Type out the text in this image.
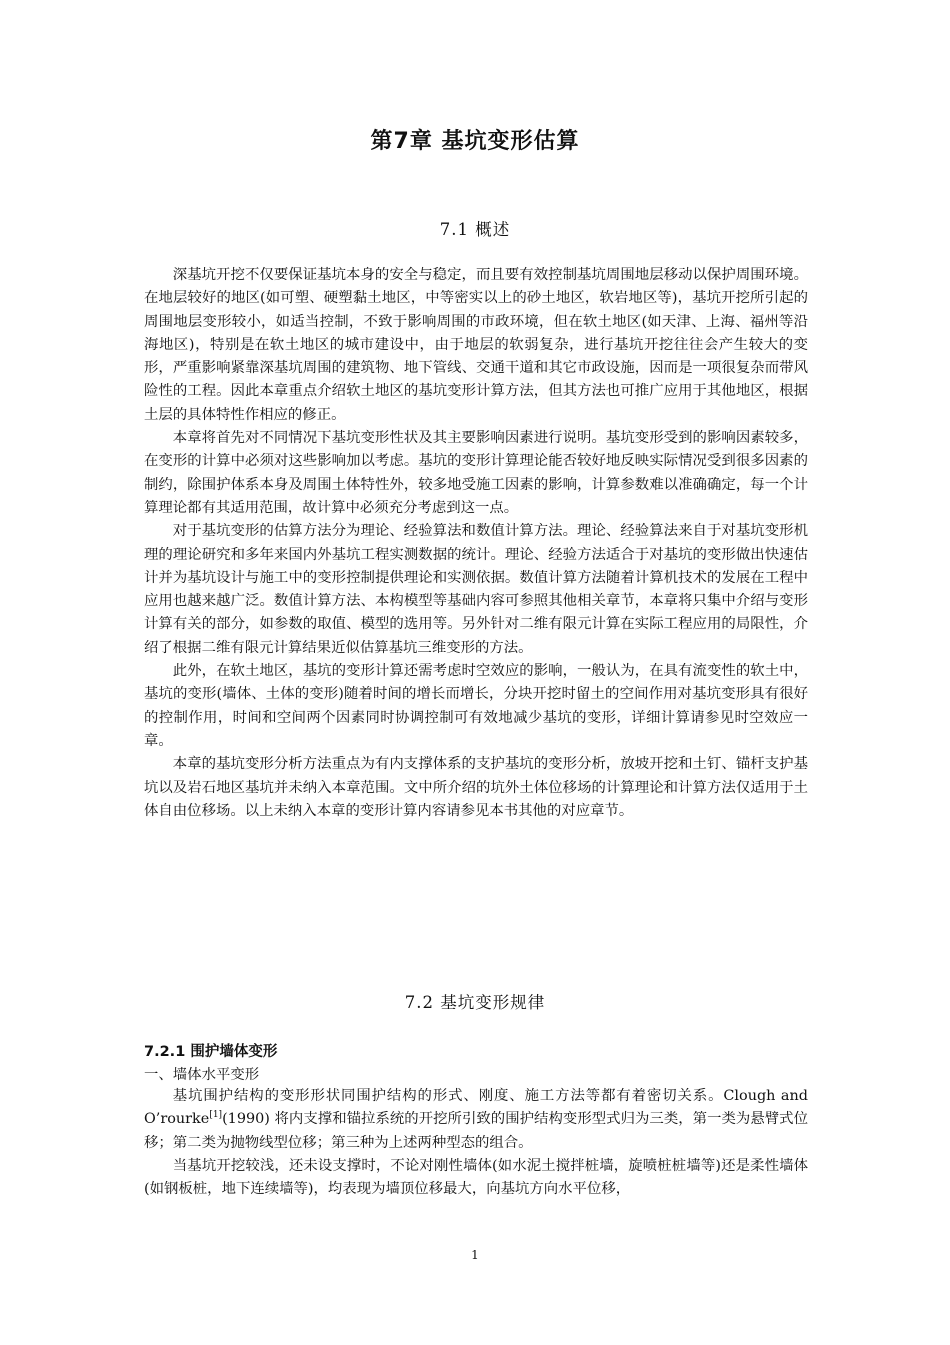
第7章 基坑变形估算
7.1 概述

深基坑开挖不仅要保证基坑本身的安全与稳定，而且要有效控制基坑周围地层移动以保护周围环境。在地层较好的地区(如可塑、硬塑黏土地区，中等密实以上的砂土地区，软岩地区等)，基坑开挖所引起的周围地层变形较小，如适当控制，不致于影响周围的市政环境，但在软土地区(如天津、上海、福州等沿海地区)，特别是在软土地区的城市建设中，由于地层的软弱复杂，进行基坑开挖往往会产生较大的变形，严重影响紧靠深基坑周围的建筑物、地下管线、交通干道和其它市政设施，因而是一项很复杂而带风险性的工程。因此本章重点介绍软土地区的基坑变形计算方法，但其方法也可推广应用于其他地区，根据土层的具体特性作相应的修正。

本章将首先对不同情况下基坑变形性状及其主要影响因素进行说明。基坑变形受到的影响因素较多，在变形的计算中必须对这些影响加以考虑。基坑的变形计算理论能否较好地反映实际情况受到很多因素的制约，除围护体系本身及周围土体特性外，较多地受施工因素的影响，计算参数难以准确确定，每一个计算理论都有其适用范围，故计算中必须充分考虑到这一点。

对于基坑变形的估算方法分为理论、经验算法和数值计算方法。理论、经验算法来自于对基坑变形机理的理论研究和多年来国内外基坑工程实测数据的统计。理论、经验方法适合于对基坑的变形做出快速估计并为基坑设计与施工中的变形控制提供理论和实测依据。数值计算方法随着计算机技术的发展在工程中应用也越来越广泛。数值计算方法、本构模型等基础内容可参照其他相关章节，本章将只集中介绍与变形计算有关的部分，如参数的取值、模型的选用等。另外针对二维有限元计算在实际工程应用的局限性，介绍了根据二维有限元计算结果近似估算基坑三维变形的方法。

此外，在软土地区，基坑的变形计算还需考虑时空效应的影响，一般认为，在具有流变性的软土中，基坑的变形(墙体、土体的变形)随着时间的增长而增长，分块开挖时留土的空间作用对基坑变形具有很好的控制作用，时间和空间两个因素同时协调控制可有效地减少基坑的变形，详细计算请参见时空效应一章。

本章的基坑变形分析方法重点为有内支撑体系的支护基坑的变形分析，放坡开挖和土钉、锚杆支护基坑以及岩石地区基坑并未纳入本章范围。文中所介绍的坑外土体位移场的计算理论和计算方法仅适用于土体自由位移场。以上未纳入本章的变形计算内容请参见本书其他的对应章节。

7.2 基坑变形规律
7.2.1 围护墙体变形
一、墙体水平变形

基坑围护结构的变形形状同围护结构的形式、刚度、施工方法等都有着密切关系。Clough and O’rourke[1](1990) 将内支撑和锚拉系统的开挖所引致的围护结构变形型式归为三类，第一类为悬臂式位移；第二类为抛物线型位移；第三种为上述两种型态的组合。

当基坑开挖较浅，还未设支撑时，不论对刚性墙体(如水泥土搅拌桩墙，旋喷桩桩墙等)还是柔性墙体(如钢板桩，地下连续墙等)，均表现为墙顶位移最大，向基坑方向水平位移，

1
